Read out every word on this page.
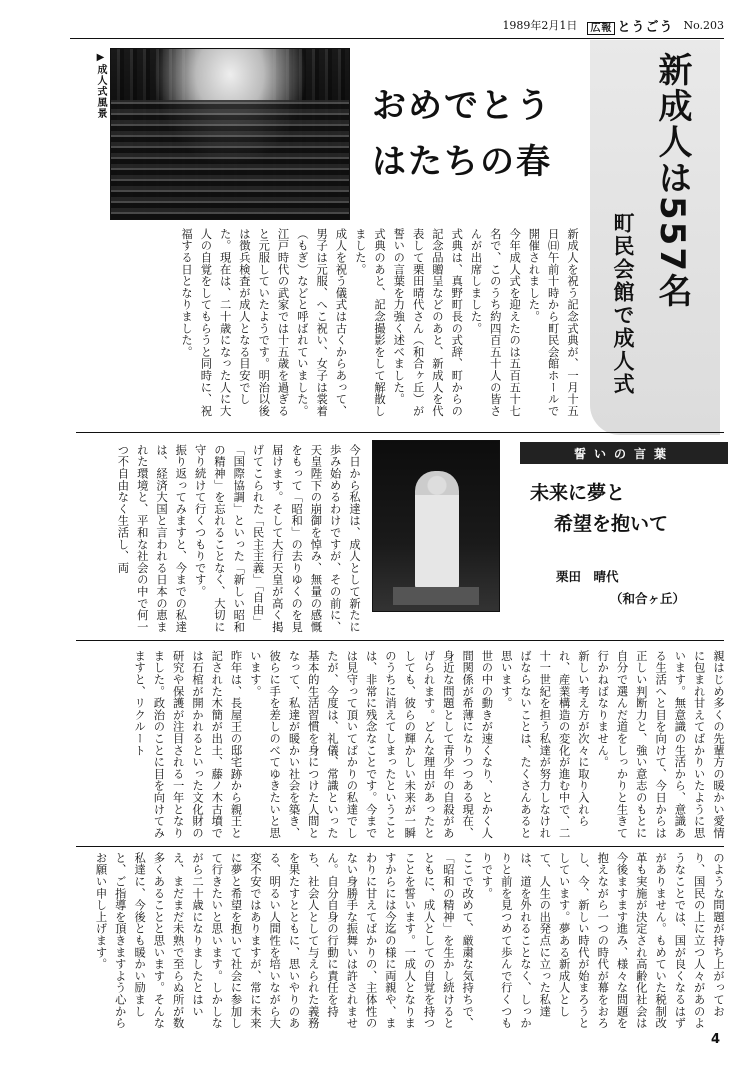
1989年2月1日	広報 とうごう No.203
▶成人式風景	おめでとう
はたちの春	新成人は557名
町民会館で成人式

新成人を祝う記念式典が、一月十五日㈰午前十時から町民会館ホールで開催されました。

今年成人式を迎えたのは五百五十七名で、このうち約四百五十人の皆さんが出席しました。

式典は、真野町長の式辞、町からの記念品贈呈などのあと、新成人を代表して栗田晴代さん（和合ヶ丘）が誓いの言葉を力強く述べました。

式典のあと、記念撮影をして解散しました。

成人を祝う儀式は古くからあって、男子は元服、へこ祝い、女子は裳着（もぎ）などと呼ばれていました。江戸時代の武家では十五歳を過ぎると元服していたようです。明治以後は徴兵検査が成人となる目安でした。現在は、二十歳になった人に大人の自覚をしてもらうと同時に、祝福する日となりました。

誓いの言葉
未来に夢と
希望を抱いて
栗田　晴代
（和合ヶ丘）

今日から私達は、成人として新たに歩み始めるわけですが、その前に、天皇陛下の崩御を悼み、無量の感慨をもって「昭和」の去りゆくのを見届けます。そして大行天皇が高く掲げてこられた「民主主義」「自由」「国際協調」といった「新しい昭和の精神」を忘れることなく、大切に守り続けて行くつもりです。

振り返ってみますと、今までの私達は、経済大国と言われる日本の恵まれた環境と、平和な社会の中で何一つ不自由なく生活し、両

親はじめ多くの先輩方の暖かい愛情に包まれ甘えてばかりいたように思います。無意識の生活から、意識ある生活へと目を向けて、今日からは正しい判断力と、強い意志のもとに自分で選んだ道をしっかりと生きて行かねばなりません。

新しい考え方が次々に取り入れられ、産業構造の変化が進む中で、二十一世紀を担う私達が努力しなければならないことは、たくさんあると思います。

世の中の動きが速くなり、とかく人間関係が希薄になりつつある現在、身近な問題として青少年の自殺があげられます。どんな理由があったとしても、彼らの輝かしい未来が一瞬のうちに消えてしまったということは、非常に残念なことです。今までは見守って頂いてばかりの私達でしたが、今度は、礼儀、常識といった基本的生活習慣を身につけた人間となって、私達が暖かい社会を築き、彼らに手を差しのべてゆきたいと思います。

昨年は、長屋王の邸宅跡から親王と記された木簡が出土、藤ノ木古墳では石棺が開かれるといった文化財の研究や保護が注目される一年となりました。政治のことに目を向けてみますと、リクルート

のような問題が持ち上がっており、国民の上に立つ人々があのようなことでは、国が良くなるはずがありません。もめていた税制改革も実施が決定され高齢化社会は今後ますます進み、様々な問題を抱えながら一つの時代が幕をおろし、今、新しい時代が始まろうとしています。夢ある新成人として、人生の出発点に立った私達は、道を外れることなく、しっかりと前を見つめて歩んで行くつもりです。

ここで改めて、厳粛な気持ちで、「昭和の精神」を生かし続けるとともに、成人としての自覚を持つことを誓います。一成人となりますからには今迄の様に両親や、まわりに甘えてばかりの、主体性のない身勝手な振舞いは許されません。自分自身の行動に責任を持ち、社会人として与えられた義務を果たすとともに、思いやりのある、明るい人間性を培いながら大変不安ではありますが、常に未来に夢と希望を抱いて社会に参加して行きたいと思います。しかしながら二十歳になりましたとはいえ、まだまだ未熟で至らぬ所が数多くあることと思います。そんな私達に、今後とも暖かい励ましと、ご指導を頂きますよう心からお願い申し上げます。

4
